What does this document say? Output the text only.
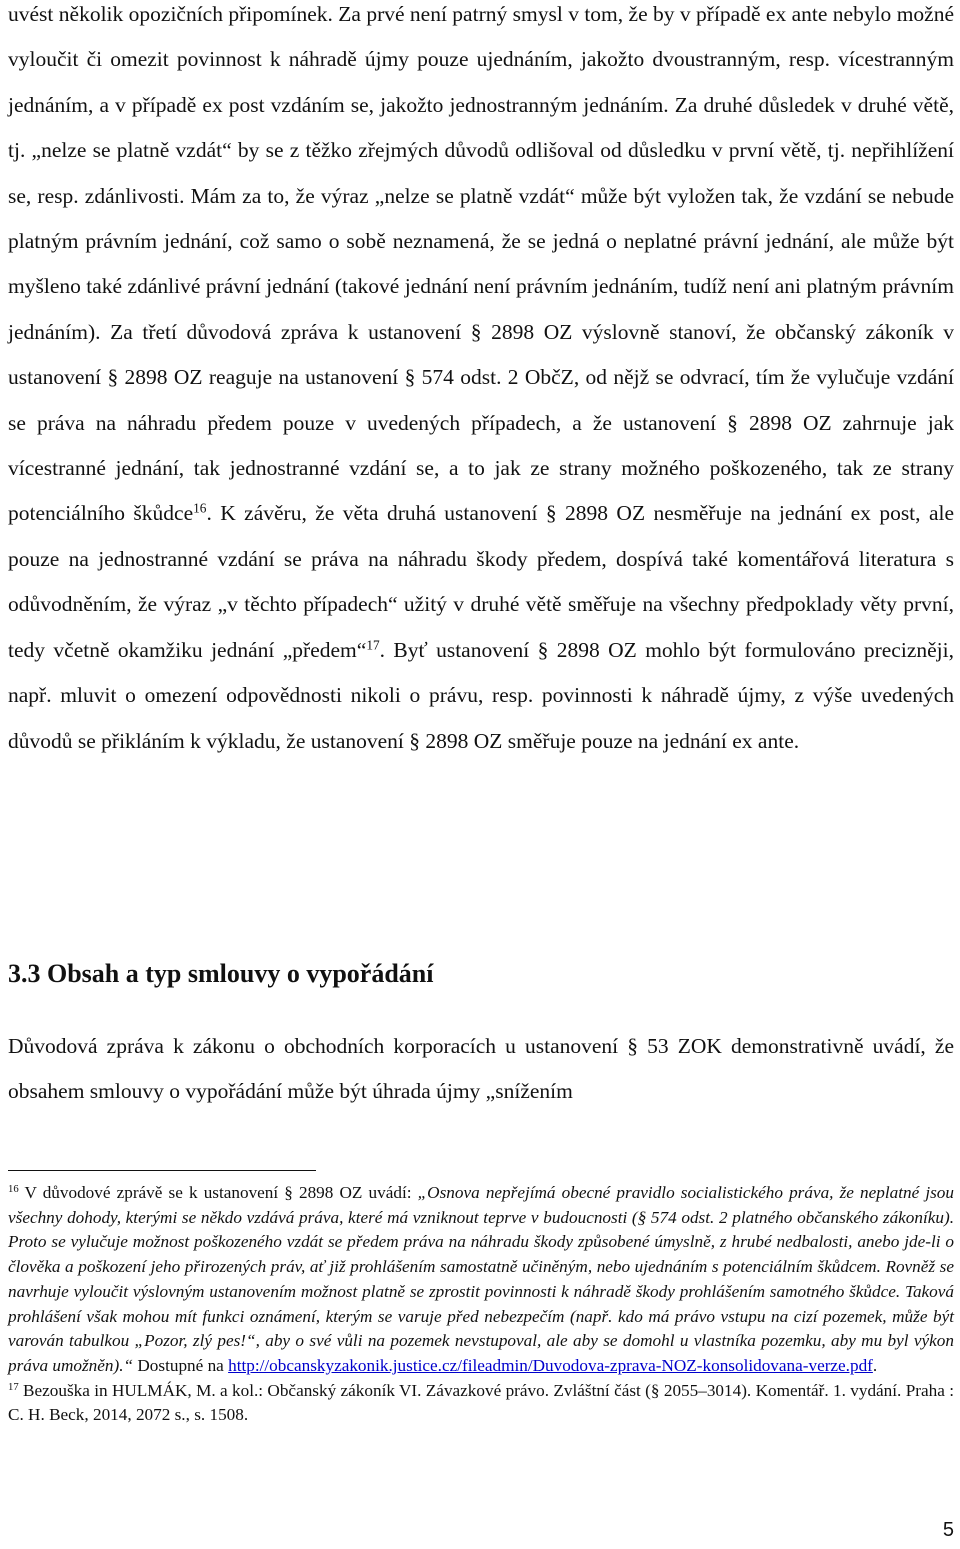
uvést několik opozičních připomínek. Za prvé není patrný smysl v tom, že by v případě ex ante nebylo možné vyloučit či omezit povinnost k náhradě újmy pouze ujednáním, jakožto dvoustranným, resp. vícestranným jednáním, a v případě ex post vzdáním se, jakožto jednostranným jednáním. Za druhé důsledek v druhé větě, tj. „nelze se platně vzdát“ by se z těžko zřejmých důvodů odlišoval od důsledku v první větě, tj. nepřihlížení se, resp. zdánlivosti. Mám za to, že výraz „nelze se platně vzdát“ může být vyložen tak, že vzdání se nebude platným právním jednání, což samo o sobě neznamená, že se jedná o neplatné právní jednání, ale může být myšleno také zdánlivé právní jednání (takové jednání není právním jednáním, tudíž není ani platným právním jednáním). Za třetí důvodová zpráva k ustanovení § 2898 OZ výslovně stanoví, že občanský zákoník v ustanovení § 2898 OZ reaguje na ustanovení § 574 odst. 2 ObčZ, od nějž se odvrací, tím že vylučuje vzdání se práva na náhradu předem pouze v uvedených případech, a že ustanovení § 2898 OZ zahrnuje jak vícestranné jednání, tak jednostranné vzdání se, a to jak ze strany možného poškozeného, tak ze strany potenciálního škůdce$^{16}$. K závěru, že věta druhá ustanovení § 2898 OZ nesměřuje na jednání ex post, ale pouze na jednostranné vzdání se práva na náhradu škody předem, dospívá také komentářová literatura s odůvodněním, že výraz „v těchto případech“ užitý v druhé větě směřuje na všechny předpoklady věty první, tedy včetně okamžiku jednání „předem“$^{17}$. Byť ustanovení § 2898 OZ mohlo být formulováno precizněji, např. mluvit o omezení odpovědnosti nikoli o právu, resp. povinnosti k náhradě újmy, z výše uvedených důvodů se přikláním k výkladu, že ustanovení § 2898 OZ směřuje pouze na jednání ex ante.

3.3 Obsah a typ smlouvy o vypořádání

Důvodová zpráva k zákonu o obchodních korporacích u ustanovení § 53 ZOK demonstrativně uvádí, že obsahem smlouvy o vypořádání může být úhrada újmy „snížením

$^{16}$ V důvodové zprávě se k ustanovení § 2898 OZ uvádí: „Osnova nepřejímá obecné pravidlo socialistického práva, že neplatné jsou všechny dohody, kterými se někdo vzdává práva, které má vzniknout teprve v budoucnosti (§ 574 odst. 2 platného občanského zákoníku). Proto se vylučuje možnost poškozeného vzdát se předem práva na náhradu škody způsobené úmyslně, z hrubé nedbalosti, anebo jde-li o člověka a poškození jeho přirozených práv, ať již prohlášením samostatně učiněným, nebo ujednáním s potenciálním škůdcem. Rovněž se navrhuje vyloučit výslovným ustanovením možnost platně se zprostit povinnosti k náhradě škody prohlášením samotného škůdce. Taková prohlášení však mohou mít funkci oznámení, kterým se varuje před nebezpečím (např. kdo má právo vstupu na cizí pozemek, může být varován tabulkou „Pozor, zlý pes!“, aby o své vůli na pozemek nevstupoval, ale aby se domohl u vlastníka pozemku, aby mu byl výkon práva umožněn).“ Dostupné na http://obcanskyzakonik.justice.cz/fileadmin/Duvodova-zprava-NOZ-konsolidovana-verze.pdf.

$^{17}$ Bezouška in HULMÁK, M. a kol.: Občanský zákoník VI. Závazkové právo. Zvláštní část (§ 2055–3014). Komentář. 1. vydání. Praha : C. H. Beck, 2014, 2072 s., s. 1508.

5
